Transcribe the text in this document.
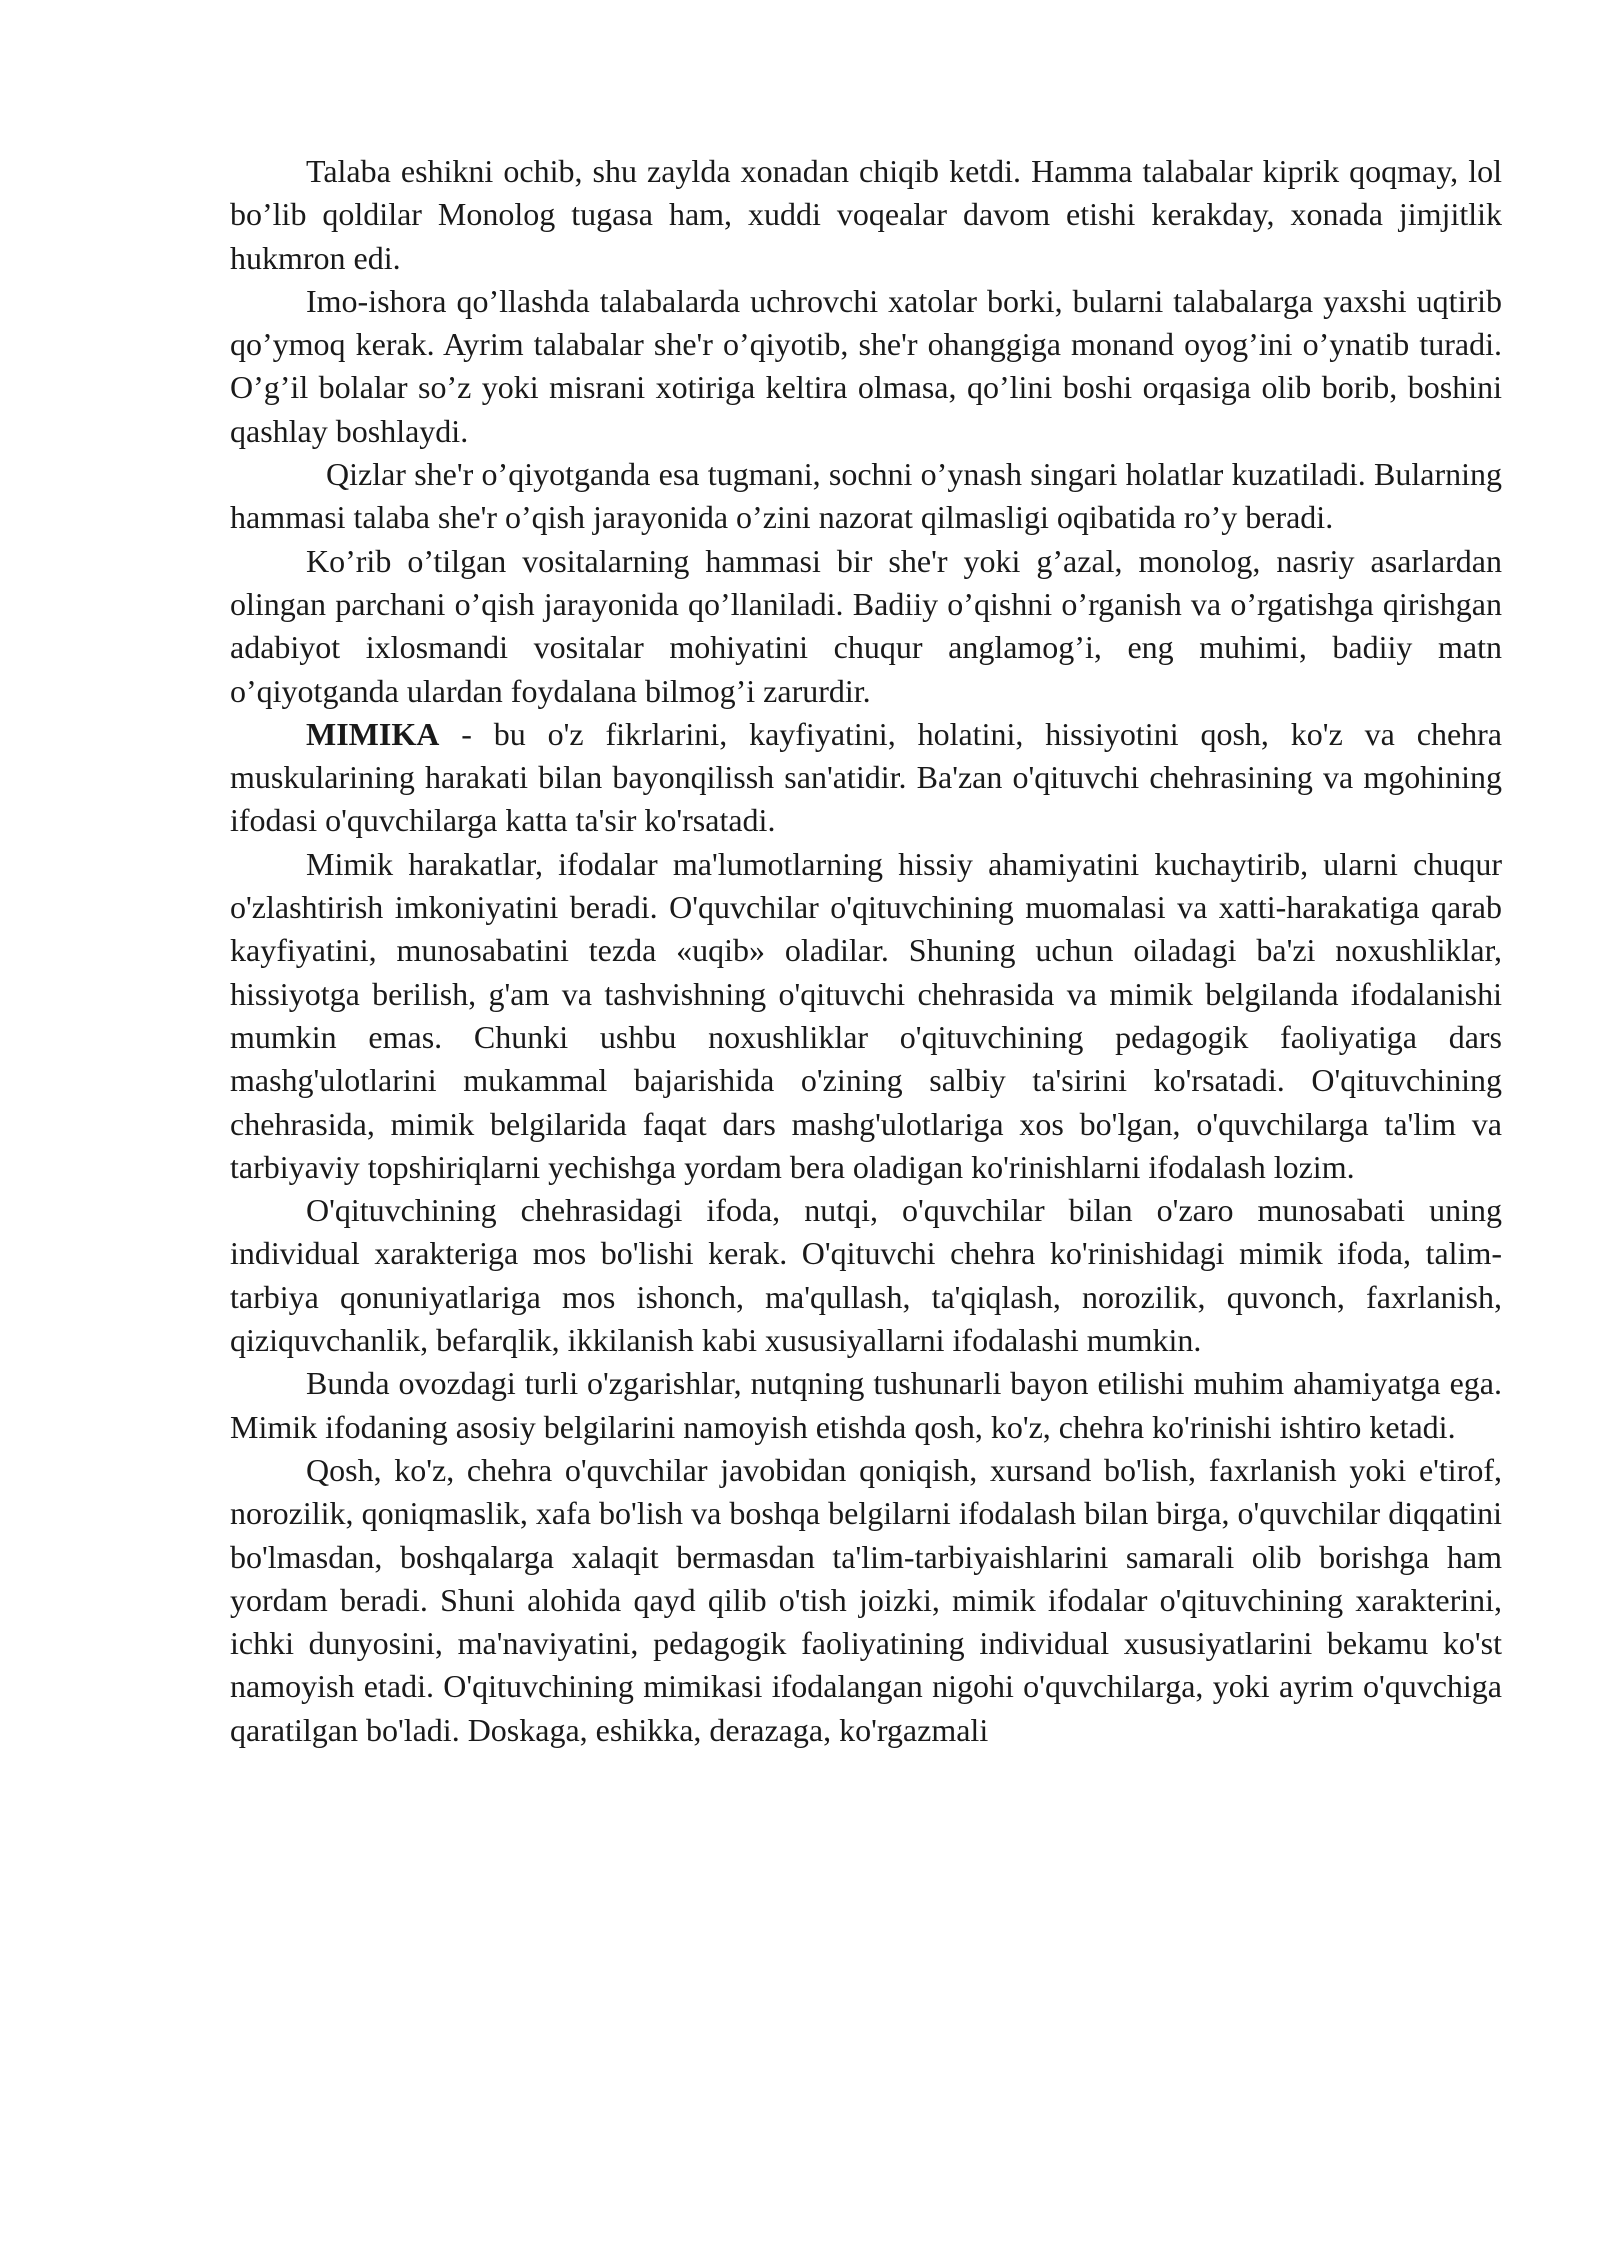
Talaba eshikni ochib, shu zaylda xonadan chiqib ketdi. Hamma talabalar kiprik qoqmay, lol bo’lib qoldilar Monolog tugasa ham, xuddi voqealar davom etishi kerakday, xonada jimjitlik hukmron edi.

Imo-ishora qo’llashda talabalarda uchrovchi xatolar borki, bularni talabalarga yaxshi uqtirib qo’ymoq kerak. Ayrim talabalar she'r o’qiyotib, she'r ohanggiga monand oyog’ini o’ynatib turadi. O’g’il bolalar so’z yoki misrani xotiriga keltira olmasa, qo’lini boshi orqasiga olib borib, boshini qashlay boshlaydi.

Qizlar she'r o’qiyotganda esa tugmani, sochni o’ynash singari holatlar kuzatiladi. Bularning hammasi talaba she'r o’qish jarayonida o’zini nazorat qilmasligi oqibatida ro’y beradi.

Ko’rib o’tilgan vositalarning hammasi bir she'r yoki g’azal, monolog, nasriy asarlardan olingan parchani o’qish jarayonida qo’llaniladi. Badiiy o’qishni o’rganish va o’rgatishga qirishgan adabiyot ixlosmandi vositalar mohiyatini chuqur anglamog’i, eng muhimi, badiiy matn o’qiyotganda ulardan foydalana bilmog’i zarurdir.

MIMIKA - bu o'z fikrlarini, kayfiyatini, holatini, hissiyotini qosh, ko'z va chehra muskularining harakati bilan bayonqilissh san'atidir. Ba'zan o'qituvchi chehrasining va mgohining ifodasi o'quvchilarga katta ta'sir ko'rsatadi.

Mimik harakatlar, ifodalar ma'lumotlarning hissiy ahamiyatini kuchaytirib, ularni chuqur o'zlashtirish imkoniyatini beradi. O'quvchilar o'qituvchining muomalasi va xatti-harakatiga qarab kayfiyatini, munosabatini tezda «uqib» oladilar. Shuning uchun oiladagi ba'zi noxushliklar, hissiyotga berilish, g'am va tashvishning o'qituvchi chehrasida va mimik belgilanda ifodalanishi mumkin emas. Chunki ushbu noxushliklar o'qituvchining pedagogik faoliyatiga dars mashg'ulotlarini mukammal bajarishida o'zining salbiy ta'sirini ko'rsatadi. O'qituvchining chehrasida, mimik belgilarida faqat dars mashg'ulotlariga xos bo'lgan, o'quvchilarga ta'lim va tarbiyaviy topshiriqlarni yechishga yordam bera oladigan ko'rinishlarni ifodalash lozim.

O'qituvchining chehrasidagi ifoda, nutqi, o'quvchilar bilan o'zaro munosabati uning individual xarakteriga mos bo'lishi kerak. O'qituvchi chehra ko'rinishidagi mimik ifoda, talim-tarbiya qonuniyatlariga mos ishonch, ma'qullash, ta'qiqlash, norozilik, quvonch, faxrlanish, qiziquvchanlik, befarqlik, ikkilanish kabi xususiyallarni ifodalashi mumkin.

Bunda ovozdagi turli o'zgarishlar, nutqning tushunarli bayon etilishi muhim ahamiyatga ega. Mimik ifodaning asosiy belgilarini namoyish etishda qosh, ko'z, chehra ko'rinishi ishtiro ketadi.

Qosh, ko'z, chehra o'quvchilar javobidan qoniqish, xursand bo'lish, faxrlanish yoki e'tirof, norozilik, qoniqmaslik, xafa bo'lish va boshqa belgilarni ifodalash bilan birga, o'quvchilar diqqatini bo'lmasdan, boshqalarga xalaqit bermasdan ta'lim-tarbiyaishlarini samarali olib borishga ham yordam beradi. Shuni alohida qayd qilib o'tish joizki, mimik ifodalar o'qituvchining xarakterini, ichki dunyosini, ma'naviyatini, pedagogik faoliyatining individual xususiyatlarini bekamu ko'st namoyish etadi. O'qituvchining mimikasi ifodalangan nigohi o'quvchilarga, yoki ayrim o'quvchiga qaratilgan bo'ladi. Doskaga, eshikka, derazaga, ko'rgazmali
